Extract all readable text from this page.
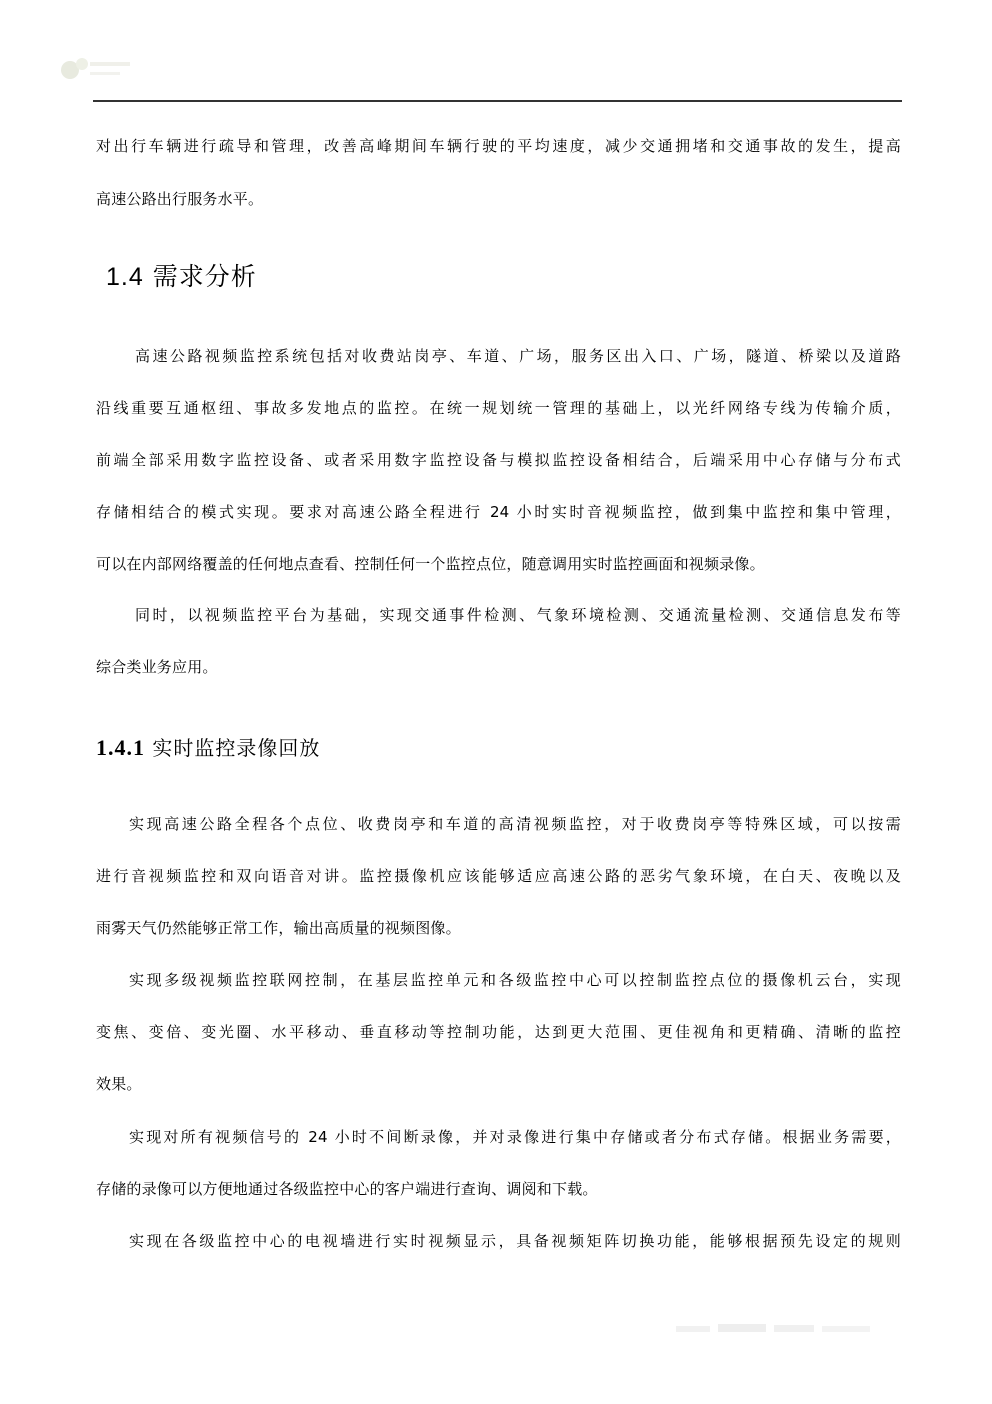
对出行车辆进行疏导和管理，改善高峰期间车辆行驶的平均速度，减少交通拥堵和交通事故的发生，提高

高速公路出行服务水平。

1.4 需求分析

高速公路视频监控系统包括对收费站岗亭、车道、广场，服务区出入口、广场，隧道、桥梁以及道路

沿线重要互通枢纽、事故多发地点的监控。在统一规划统一管理的基础上，以光纤网络专线为传输介质，

前端全部采用数字监控设备、或者采用数字监控设备与模拟监控设备相结合，后端采用中心存储与分布式

存储相结合的模式实现。要求对高速公路全程进行 24 小时实时音视频监控，做到集中监控和集中管理，

可以在内部网络覆盖的任何地点查看、控制任何一个监控点位，随意调用实时监控画面和视频录像。

同时，以视频监控平台为基础，实现交通事件检测、气象环境检测、交通流量检测、交通信息发布等

综合类业务应用。

1.4.1 实时监控录像回放

实现高速公路全程各个点位、收费岗亭和车道的高清视频监控，对于收费岗亭等特殊区域，可以按需

进行音视频监控和双向语音对讲。监控摄像机应该能够适应高速公路的恶劣气象环境，在白天、夜晚以及

雨雾天气仍然能够正常工作，输出高质量的视频图像。

实现多级视频监控联网控制，在基层监控单元和各级监控中心可以控制监控点位的摄像机云台，实现

变焦、变倍、变光圈、水平移动、垂直移动等控制功能，达到更大范围、更佳视角和更精确、清晰的监控

效果。

实现对所有视频信号的 24 小时不间断录像，并对录像进行集中存储或者分布式存储。根据业务需要，

存储的录像可以方便地通过各级监控中心的客户端进行查询、调阅和下载。

实现在各级监控中心的电视墙进行实时视频显示，具备视频矩阵切换功能，能够根据预先设定的规则
